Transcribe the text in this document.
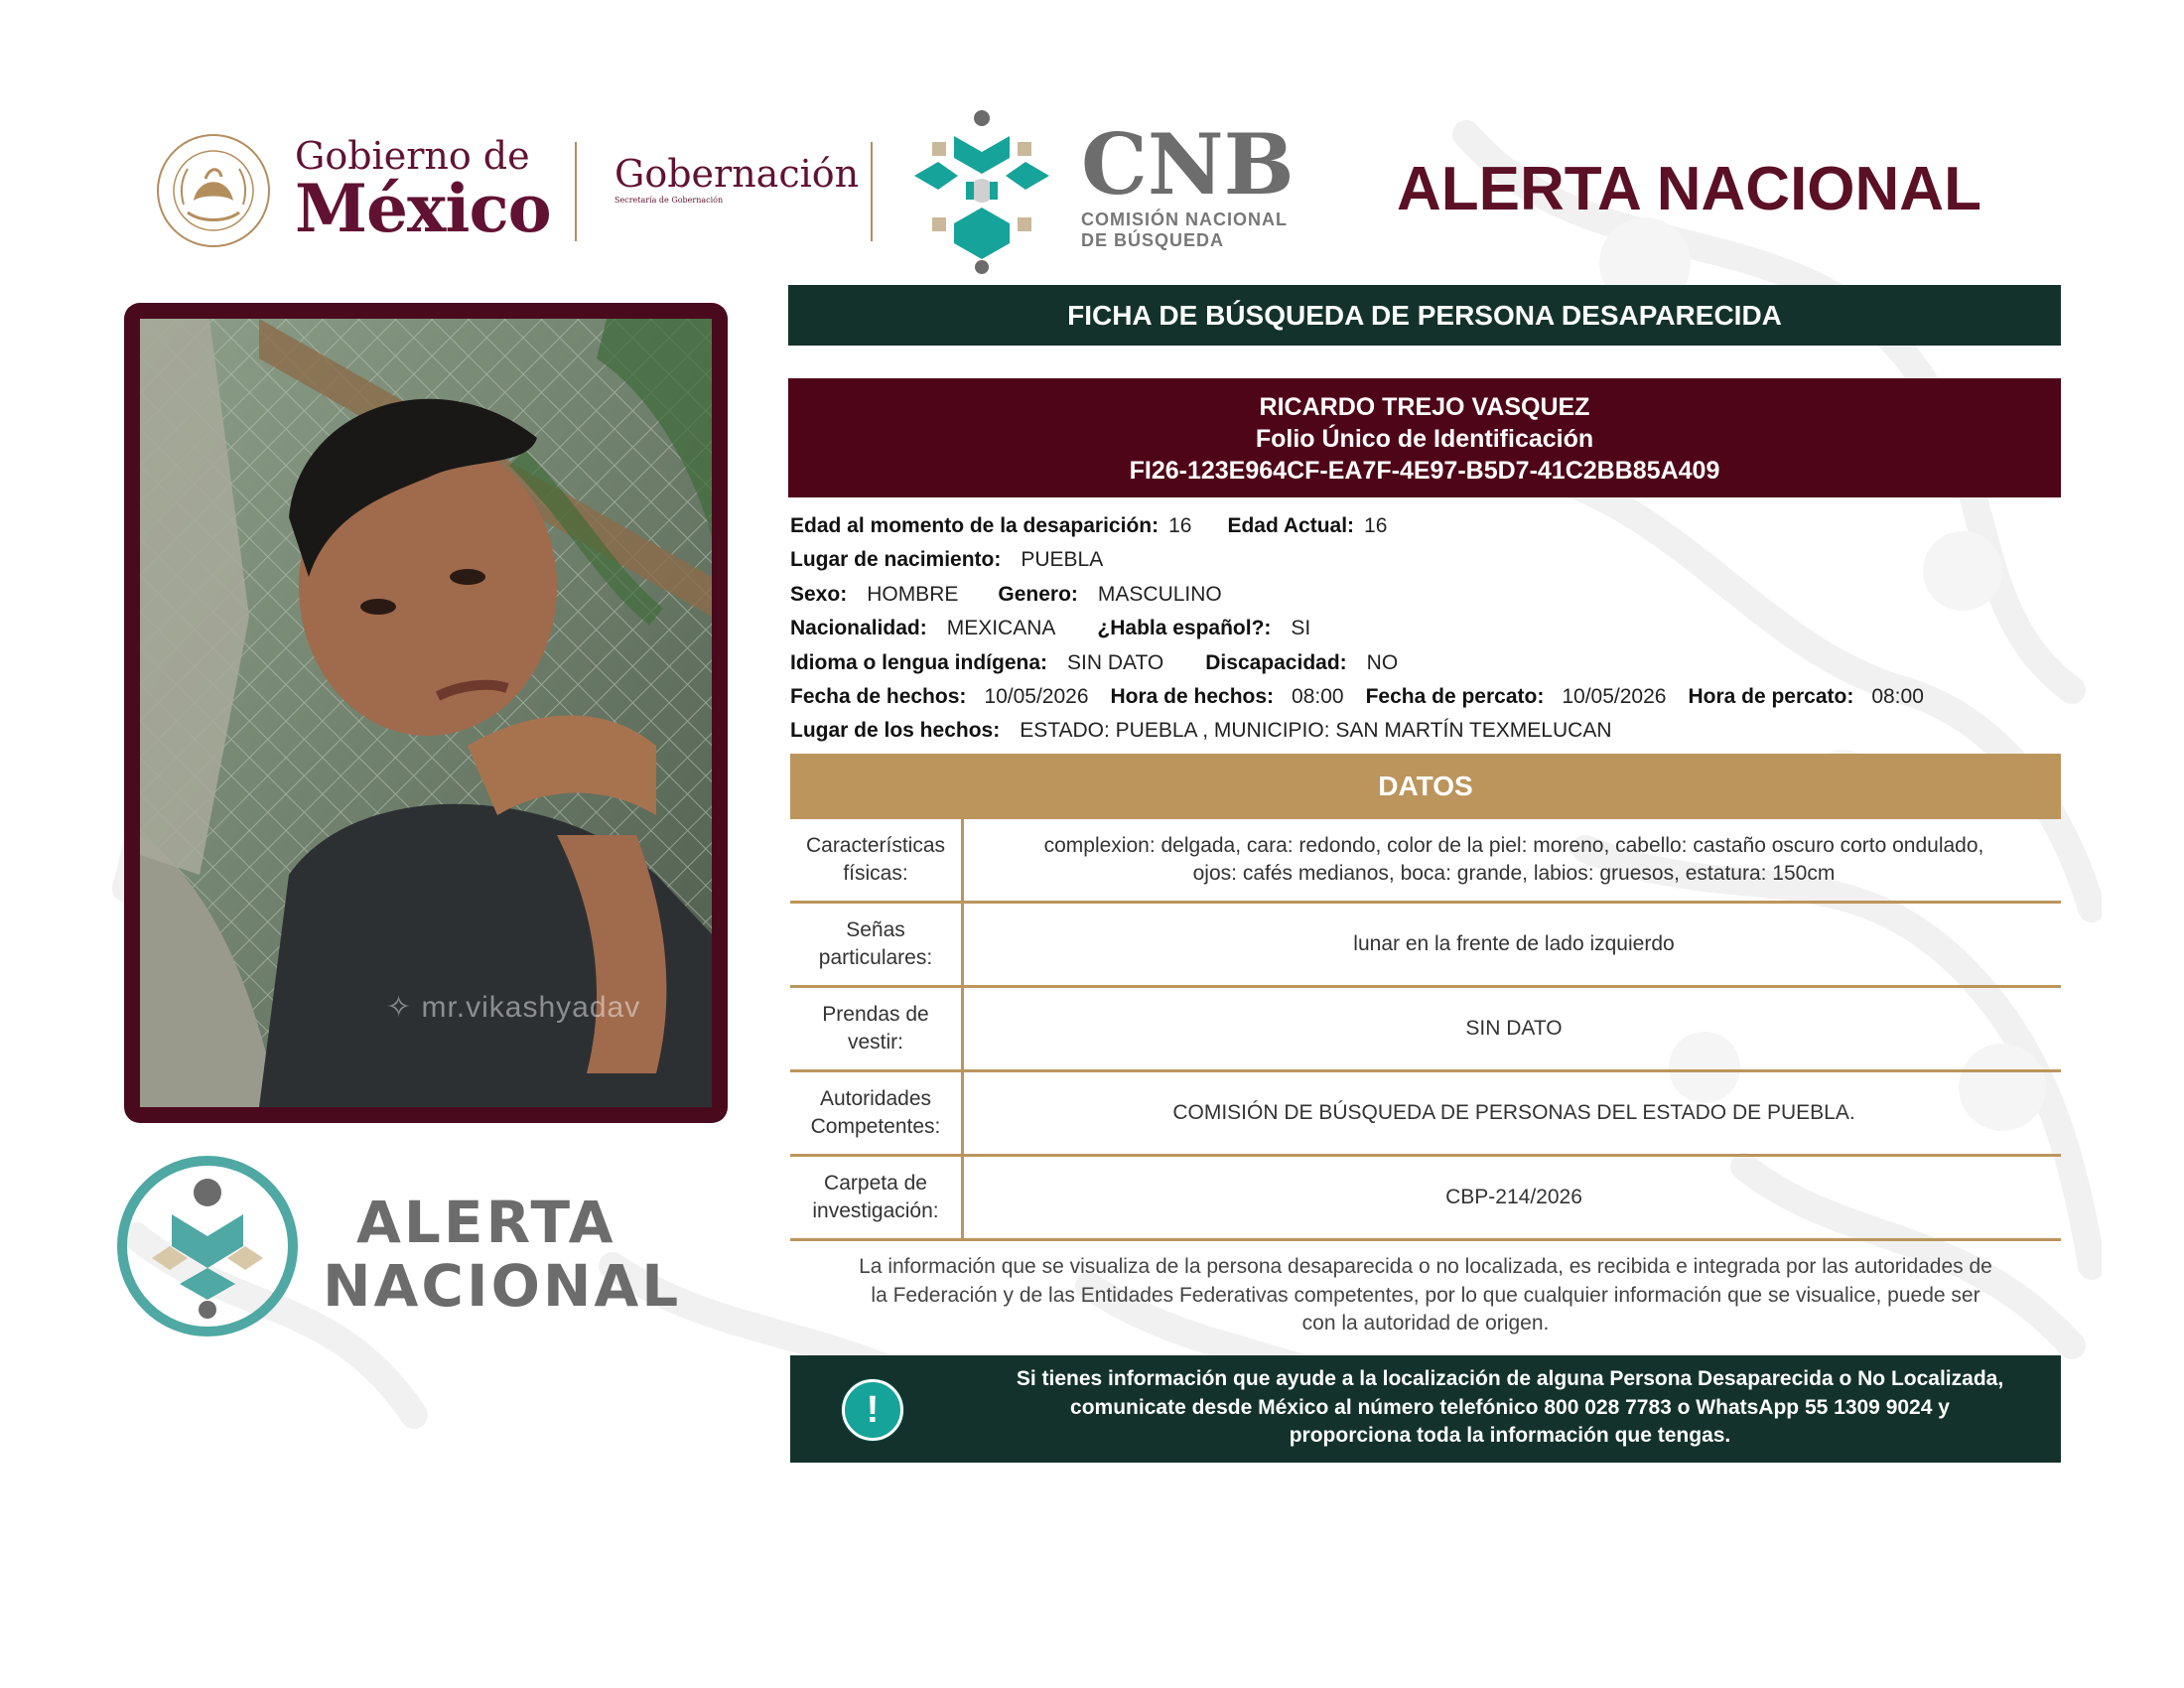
Gobierno de
México Gobernación
Secretaría de Gobernación	CNB
COMISIÓN NACIONAL
DE BÚSQUEDA
ALERTA NACIONAL
✧ mr.vikashyadav
ALERTA
NACIONAL
FICHA DE BÚSQUEDA DE PERSONA DESAPARECIDA
RICARDO TREJO VASQUEZ
Folio Único de Identificación
FI26-123E964CF-EA7F-4E97-B5D7-41C2BB85A409
Edad al momento de la desaparición: 16 Edad Actual: 16
Lugar de nacimiento: PUEBLA
Sexo: HOMBRE Genero: MASCULINO
Nacionalidad: MEXICANA ¿Habla español?: SI
Idioma o lengua indígena: SIN DATO Discapacidad: NO
Fecha de hechos: 10/05/2026 Hora de hechos: 08:00 Fecha de percato: 10/05/2026 Hora de percato: 08:00
Lugar de los hechos: ESTADO: PUEBLA , MUNICIPIO: SAN MARTÍN TEXMELUCAN
DATOS
Características
físicas:
complexion: delgada, cara: redondo, color de la piel: moreno, cabello: castaño oscuro corto ondulado,
ojos: cafés medianos, boca: grande, labios: gruesos, estatura: 150cm
Señas
particulares:
lunar en la frente de lado izquierdo
Prendas de
vestir:
SIN DATO
Autoridades
Competentes:
COMISIÓN DE BÚSQUEDA DE PERSONAS DEL ESTADO DE PUEBLA.
Carpeta de
investigación:
CBP-214/2026
La información que se visualiza de la persona desaparecida o no localizada, es recibida e integrada por las autoridades de
la Federación y de las Entidades Federativas competentes, por lo que cualquier información que se visualice, puede ser
con la autoridad de origen.
!
Si tienes información que ayude a la localización de alguna Persona Desaparecida o No Localizada,
comunicate desde México al número telefónico 800 028 7783 o WhatsApp 55 1309 9024 y
proporciona toda la información que tengas.
